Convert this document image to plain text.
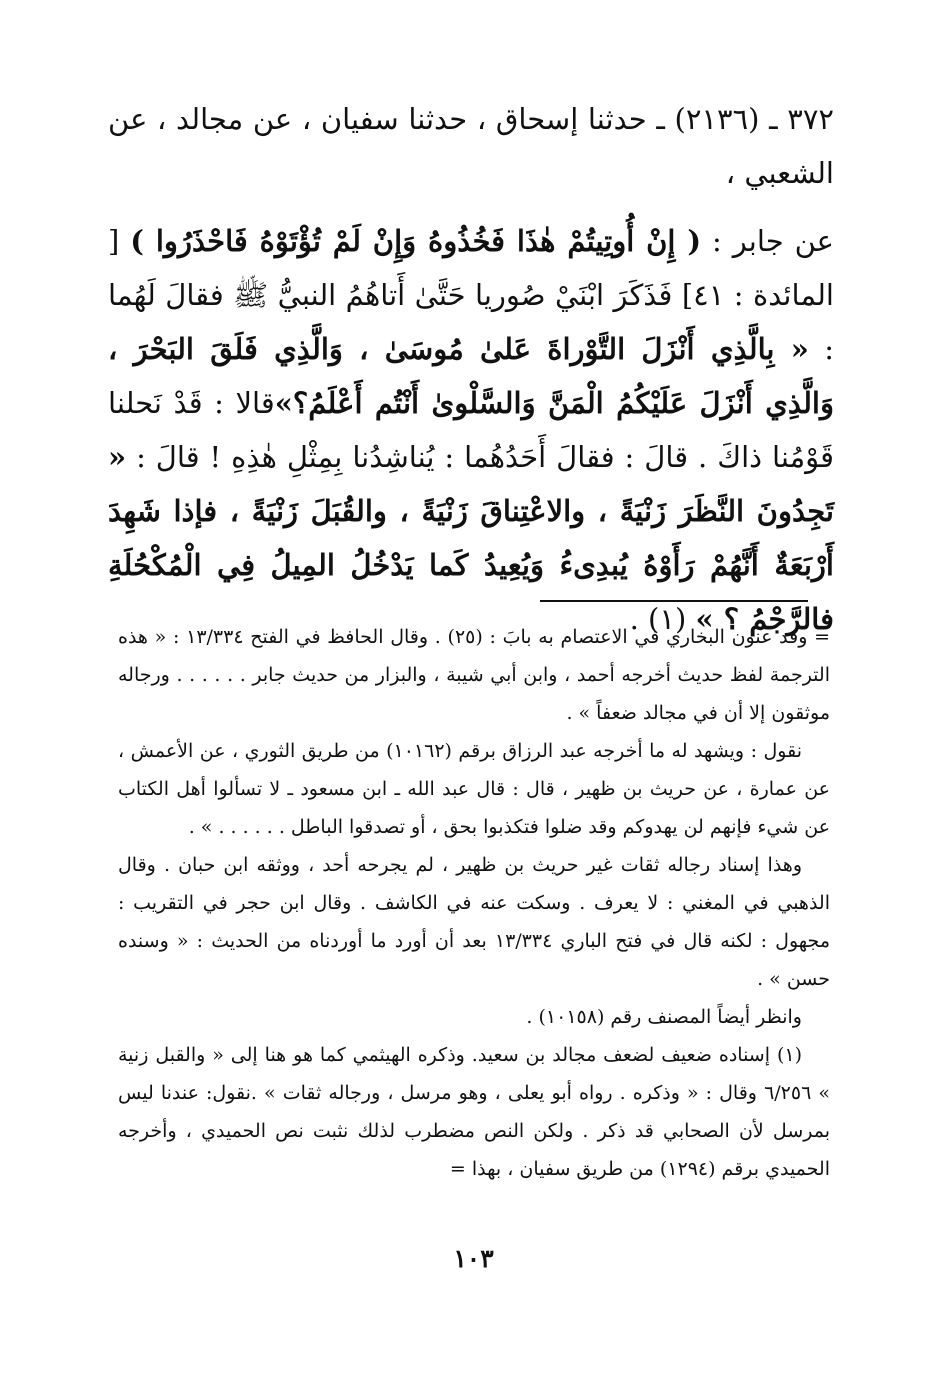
٣٧٢ ـ (٢١٣٦) ـ حدثنا إسحاق ، حدثنا سفيان ، عن مجالد ، عن الشعبي ،

عن جابر : ( إِنْ أُوتِيتُمْ هٰذَا فَخُذُوهُ وَإِنْ لَمْ تُؤْتَوْهُ فَاحْذَرُوا ) [ المائدة : ٤١] فَذَكَرَ ابْنَيْ صُوريا حَتَّىٰ أَتاهُمُ النبيُّ ﷺ فقالَ لَهُما : « بِالَّذِي أَنْزَلَ التَّوْراةَ عَلىٰ مُوسَىٰ ، وَالَّذِي فَلَقَ البَحْرَ ، وَالَّذِي أَنْزَلَ عَلَيْكُمُ الْمَنَّ وَالسَّلْوىٰ أَنْتُم أَعْلَمُ؟»قالا : قَدْ نَحلنا قَوْمُنا ذاكَ . قالَ : فقالَ أَحَدُهُما : يُناشِدُنا بِمِثْلِ هٰذِهِ ! قالَ : « تَجِدُونَ النَّظَرَ زَنْيَةً ، والاعْتِناقَ زَنْيَةً ، والقُبَلَ زَنْيَةً ، فإذا شَهِدَ أَرْبَعَةٌ أَنَّهُمْ رَأَوْهُ يُبدِىءُ وَيُعِيدُ كَما يَدْخُلُ المِيلُ فِي الْمُكْحُلَةِ فالرَّجْمُ ؟ » (١) .

= وقد عنون البخاري في الاعتصام به بابَ : (٢٥) . وقال الحافظ في الفتح ١٣/٣٣٤ : « هذه الترجمة لفظ حديث أخرجه أحمد ، وابن أبي شيبة ، والبزار من حديث جابر . . . . . . ورجاله موثقون إلا أن في مجالد ضعفاً » .

نقول : ويشهد له ما أخرجه عبد الرزاق برقم (١٠١٦٢) من طريق الثوري ، عن الأعمش ، عن عمارة ، عن حريث بن ظهير ، قال : قال عبد الله ـ ابن مسعود ـ لا تسألوا أهل الكتاب عن شيء فإنهم لن يهدوكم وقد ضلوا فتكذبوا بحق ، أو تصدقوا الباطل . . . . . . » .

وهذا إسناد رجاله ثقات غير حريث بن ظهير ، لم يجرحه أحد ، ووثقه ابن حبان . وقال الذهبي في المغني : لا يعرف . وسكت عنه في الكاشف . وقال ابن حجر في التقريب : مجهول : لكنه قال في فتح الباري ١٣/٣٣٤ بعد أن أورد ما أوردناه من الحديث : « وسنده حسن » .

وانظر أيضاً المصنف رقم (١٠١٥٨) .

(١) إسناده ضعيف لضعف مجالد بن سعيد. وذكره الهيثمي كما هو هنا إلى « والقبل زنية » ٦/٢٥٦ وقال : « وذكره . رواه أبو يعلى ، وهو مرسل ، ورجاله ثقات » .نقول: عندنا ليس بمرسل لأن الصحابي قد ذكر . ولكن النص مضطرب لذلك نثبت نص الحميدي ، وأخرجه الحميدي برقم (١٢٩٤) من طريق سفيان ، بهذا =

١٠٣
